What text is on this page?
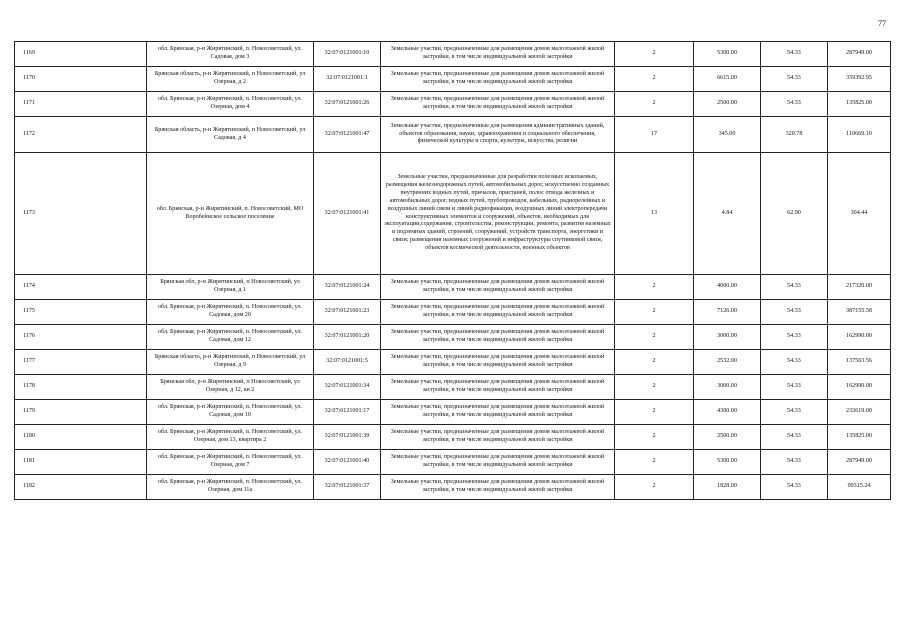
77
1169	обл. Брянская, р-н Жирятинский, п. Новосоветский, ул. Садовая, дом 3	32:07:0121001:10	Земельные участки, предназначенные для размещения домов малоэтажной жилой застройки, в том числе индивидуальной жилой застройки	2	5300.00	54.33	287949.00
1170	Брянская область, р-н Жирятинский, п Новосоветский, ул Озерная, д 2	32:07:0121001:1	Земельные участки, предназначенные для размещения домов малоэтажной жилой застройки, в том числе индивидуальной жилой застройки	2	6615.00	54.33	359392.95
1171	обл. Брянская, р-н Жирятинский, п. Новосоветский, ул. Озерная, дом 4	32:07:0121001:26	Земельные участки, предназначенные для размещения домов малоэтажной жилой застройки, в том числе индивидуальной жилой застройки	2	2500.00	54.33	135825.00
1172	Брянская область, р-н Жирятинский, п Новосоветский, ул Садовая, д 4	32:07:0121001:47	Земельные участки, предназначенные для размещения административных зданий, объектов образования, науки, здравоохранения и социального обеспечения, физической культуры и спорта, культуры, искусства, религии	17	345.00	320.78	110669.10
1173	обл. Брянская, р-н Жирятинский, п. Новосоветский, МО Воробейнское сельское поселение	32:07:0121001:41	Земельные участки, предназначенные для разработки полезных ископаемых, размещения железнодорожных путей, автомобильных дорог, искусственно созданных внутренних водных путей, причалов, пристаней, полос отвода железных и автомобильных дорог, водных путей, трубопроводов, кабельных, радиорелейных и воздушных линий связи и линий радиофикации, воздушных линий электропередачи конструктивных элементов и сооружений, объектов, необходимых для эксплуатации,содержания, строительства, реконструкции, ремонта, развития наземных и подземных зданий, строений, сооружений, устройств транспорта, энергетики и связи; размещения наземных сооружений и инфраструктуры спутниковой связи, объектов космической деятельности, военных объектов	13	4.84	62.90	304.44
1174	Брянская обл, р-н Жирятинский, п Новосоветский, ул Озерная, д 1	32:07:0121001:24	Земельные участки, предназначенные для размещения домов малоэтажной жилой застройки, в том числе индивидуальной жилой застройки	2	4000.00	54.33	217320.00
1175	обл. Брянская, р-н Жирятинский, п. Новосоветский, ул. Садовая, дом 20	32:07:0121001:23	Земельные участки, предназначенные для размещения домов малоэтажной жилой застройки, в том числе индивидуальной жилой застройки	2	7126.00	54.33	387155.58
1176	обл. Брянская, р-н Жирятинский, п. Новосоветский, ул. Садовая, дом 12	32:07:0121001:20	Земельные участки, предназначенные для размещения домов малоэтажной жилой застройки, в том числе индивидуальной жилой застройки	2	3000.00	54.33	162990.00
1177	Брянская область, р-н Жирятинский, п Новосоветский, ул Озерная, д 9	32:07:0121001:5	Земельные участки, предназначенные для размещения домов малоэтажной жилой застройки, в том числе индивидуальной жилой застройки	2	2532.00	54.33	137563.56
1178	Брянская обл, р-н Жирятинский, п Новосоветский, ул Озерная, д 12, кв 2	32:07:0121001:34	Земельные участки, предназначенные для размещения домов малоэтажной жилой застройки, в том числе индивидуальной жилой застройки	2	3000.00	54.33	162990.00
1179	обл. Брянская, р-н Жирятинский, п. Новосоветский, ул. Садовая, дом 10	32:07:0121001:17	Земельные участки, предназначенные для размещения домов малоэтажной жилой застройки, в том числе индивидуальной жилой застройки	2	4300.00	54.33	233619.00
1180	обл. Брянская, р-н Жирятинский, п. Новосоветский, ул. Озерная, дом 13, квартира 2	32:07:0121001:39	Земельные участки, предназначенные для размещения домов малоэтажной жилой застройки, в том числе индивидуальной жилой застройки	2	2500.00	54.33	135825.00
1181	обл. Брянская, р-н Жирятинский, п. Новосоветский, ул. Озерная, дом 7	32:07:0121001:40	Земельные участки, предназначенные для размещения домов малоэтажной жилой застройки, в том числе индивидуальной жилой застройки	2	5300.00	54.33	287949.00
1182	обл. Брянская, р-н Жирятинский, п. Новосоветский, ул. Озерная, дом 11а	32:07:0121001:37	Земельные участки, предназначенные для размещения домов малоэтажной жилой застройки, в том числе индивидуальной жилой застройки	2	1828.00	54.33	99315.24
